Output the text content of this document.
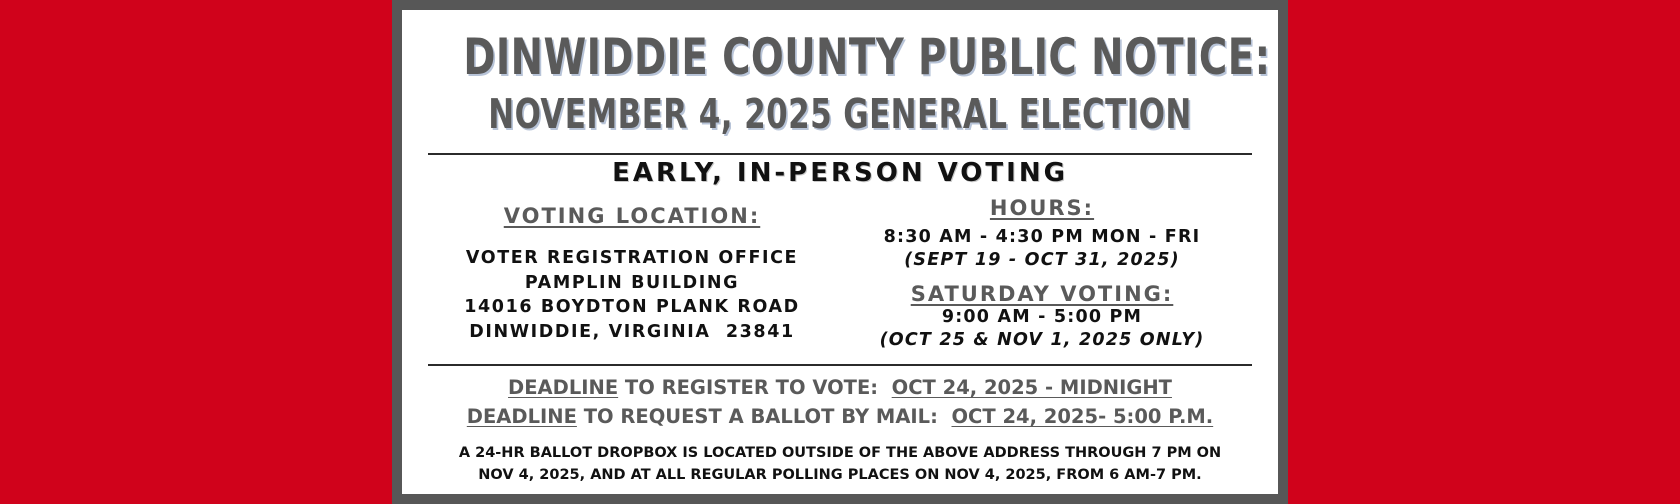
DINWIDDIE COUNTY PUBLIC NOTICE:
NOVEMBER 4, 2025 GENERAL ELECTION
EARLY, IN-PERSON VOTING
VOTING LOCATION:
VOTER REGISTRATION OFFICE
PAMPLIN BUILDING
14016 BOYDTON PLANK ROAD
DINWIDDIE, VIRGINIA  23841
HOURS:
8:30 AM - 4:30 PM MON - FRI
(SEPT 19 - OCT 31, 2025)
SATURDAY VOTING:
9:00 AM - 5:00 PM
(OCT 25 & NOV 1, 2025 ONLY)
DEADLINE TO REGISTER TO VOTE:  OCT 24, 2025 - MIDNIGHT
DEADLINE TO REQUEST A BALLOT BY MAIL:  OCT 24, 2025- 5:00 P.M.
A 24-HR BALLOT DROPBOX IS LOCATED OUTSIDE OF THE ABOVE ADDRESS THROUGH 7 PM ON
NOV 4, 2025, AND AT ALL REGULAR POLLING PLACES ON NOV 4, 2025, FROM 6 AM-7 PM.
